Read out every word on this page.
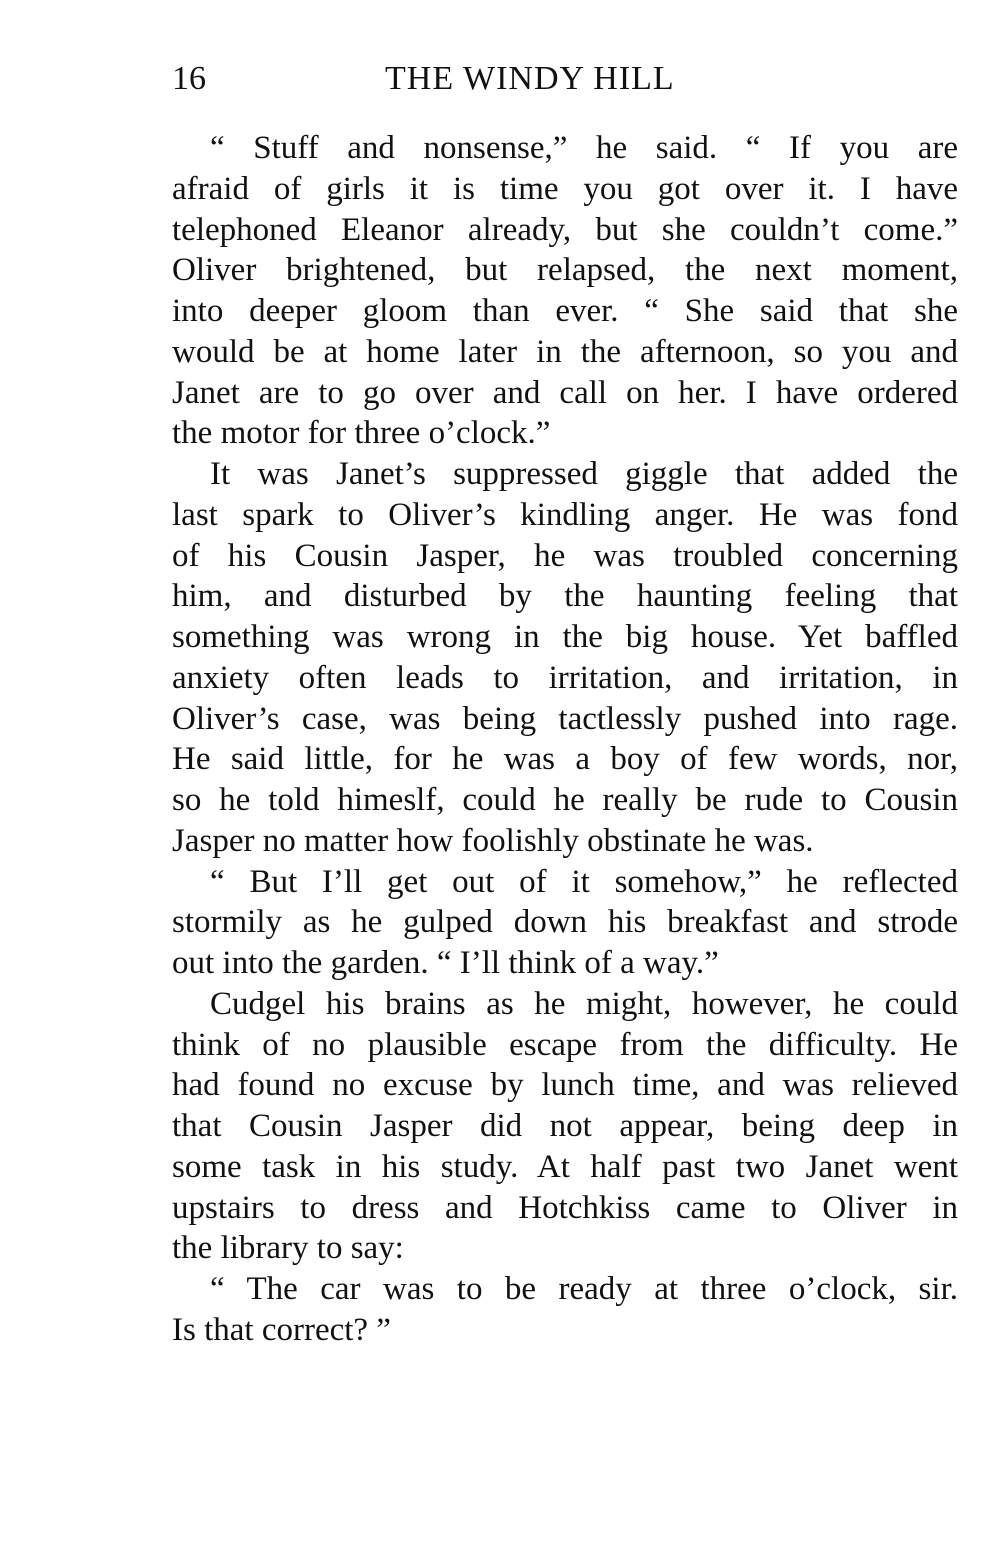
16	THE WINDY HILL
“ Stuff and nonsense,” he said. “ If you are
afraid of girls it is time you got over it. I have
telephoned Eleanor already, but she couldn’t come.”
Oliver brightened, but relapsed, the next moment,
into deeper gloom than ever. “ She said that she
would be at home later in the afternoon, so you and
Janet are to go over and call on her. I have ordered
the motor for three o’clock.”
It was Janet’s suppressed giggle that added the
last spark to Oliver’s kindling anger. He was fond
of his Cousin Jasper, he was troubled concerning
him, and disturbed by the haunting feeling that
something was wrong in the big house. Yet baffled
anxiety often leads to irritation, and irritation, in
Oliver’s case, was being tactlessly pushed into rage.
He said little, for he was a boy of few words, nor,
so he told himeslf, could he really be rude to Cousin
Jasper no matter how foolishly obstinate he was.
“ But I’ll get out of it somehow,” he reflected
stormily as he gulped down his breakfast and strode
out into the garden. “ I’ll think of a way.”
Cudgel his brains as he might, however, he could
think of no plausible escape from the difficulty. He
had found no excuse by lunch time, and was relieved
that Cousin Jasper did not appear, being deep in
some task in his study. At half past two Janet went
upstairs to dress and Hotchkiss came to Oliver in
the library to say:
“ The car was to be ready at three o’clock, sir.
Is that correct? ”
